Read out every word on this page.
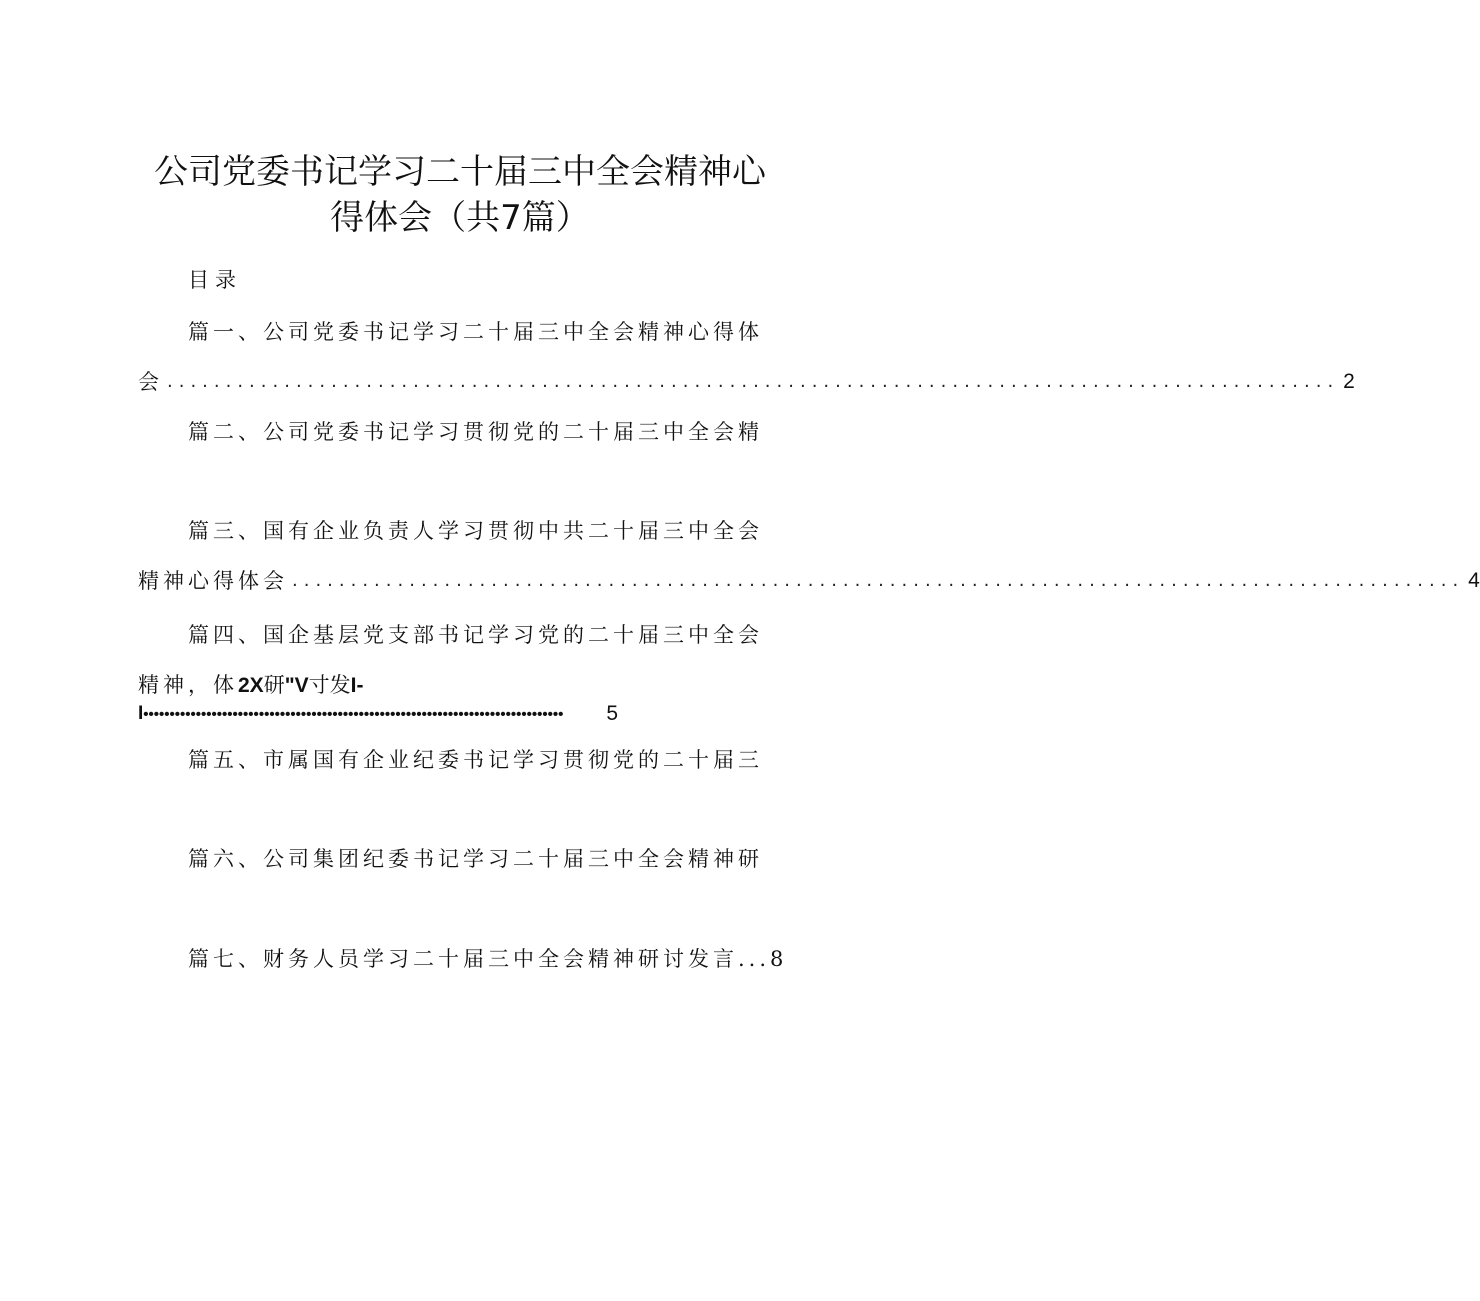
公司党委书记学习二十届三中全会精神心
得体会（共7篇）
目录
篇一、公司党委书记学习二十届三中全会精神心得体
会 .................................................................................................... 2
篇二、公司党委书记学习贯彻党的二十届三中全会精
篇三、国有企业负责人学习贯彻中共二十届三中全会
精神心得体会 .................................................................................................... 4
篇四、国企基层党支部书记学习党的二十届三中全会
精神，体2X研"V寸发I-
I ••••••••••••••••••••••••••••••••••••••••••••••••••••••••••••••••••••••••••••••••	5
篇五、市属国有企业纪委书记学习贯彻党的二十届三
篇六、公司集团纪委书记学习二十届三中全会精神研
篇七、财务人员学习二十届三中全会精神研讨发言...8
